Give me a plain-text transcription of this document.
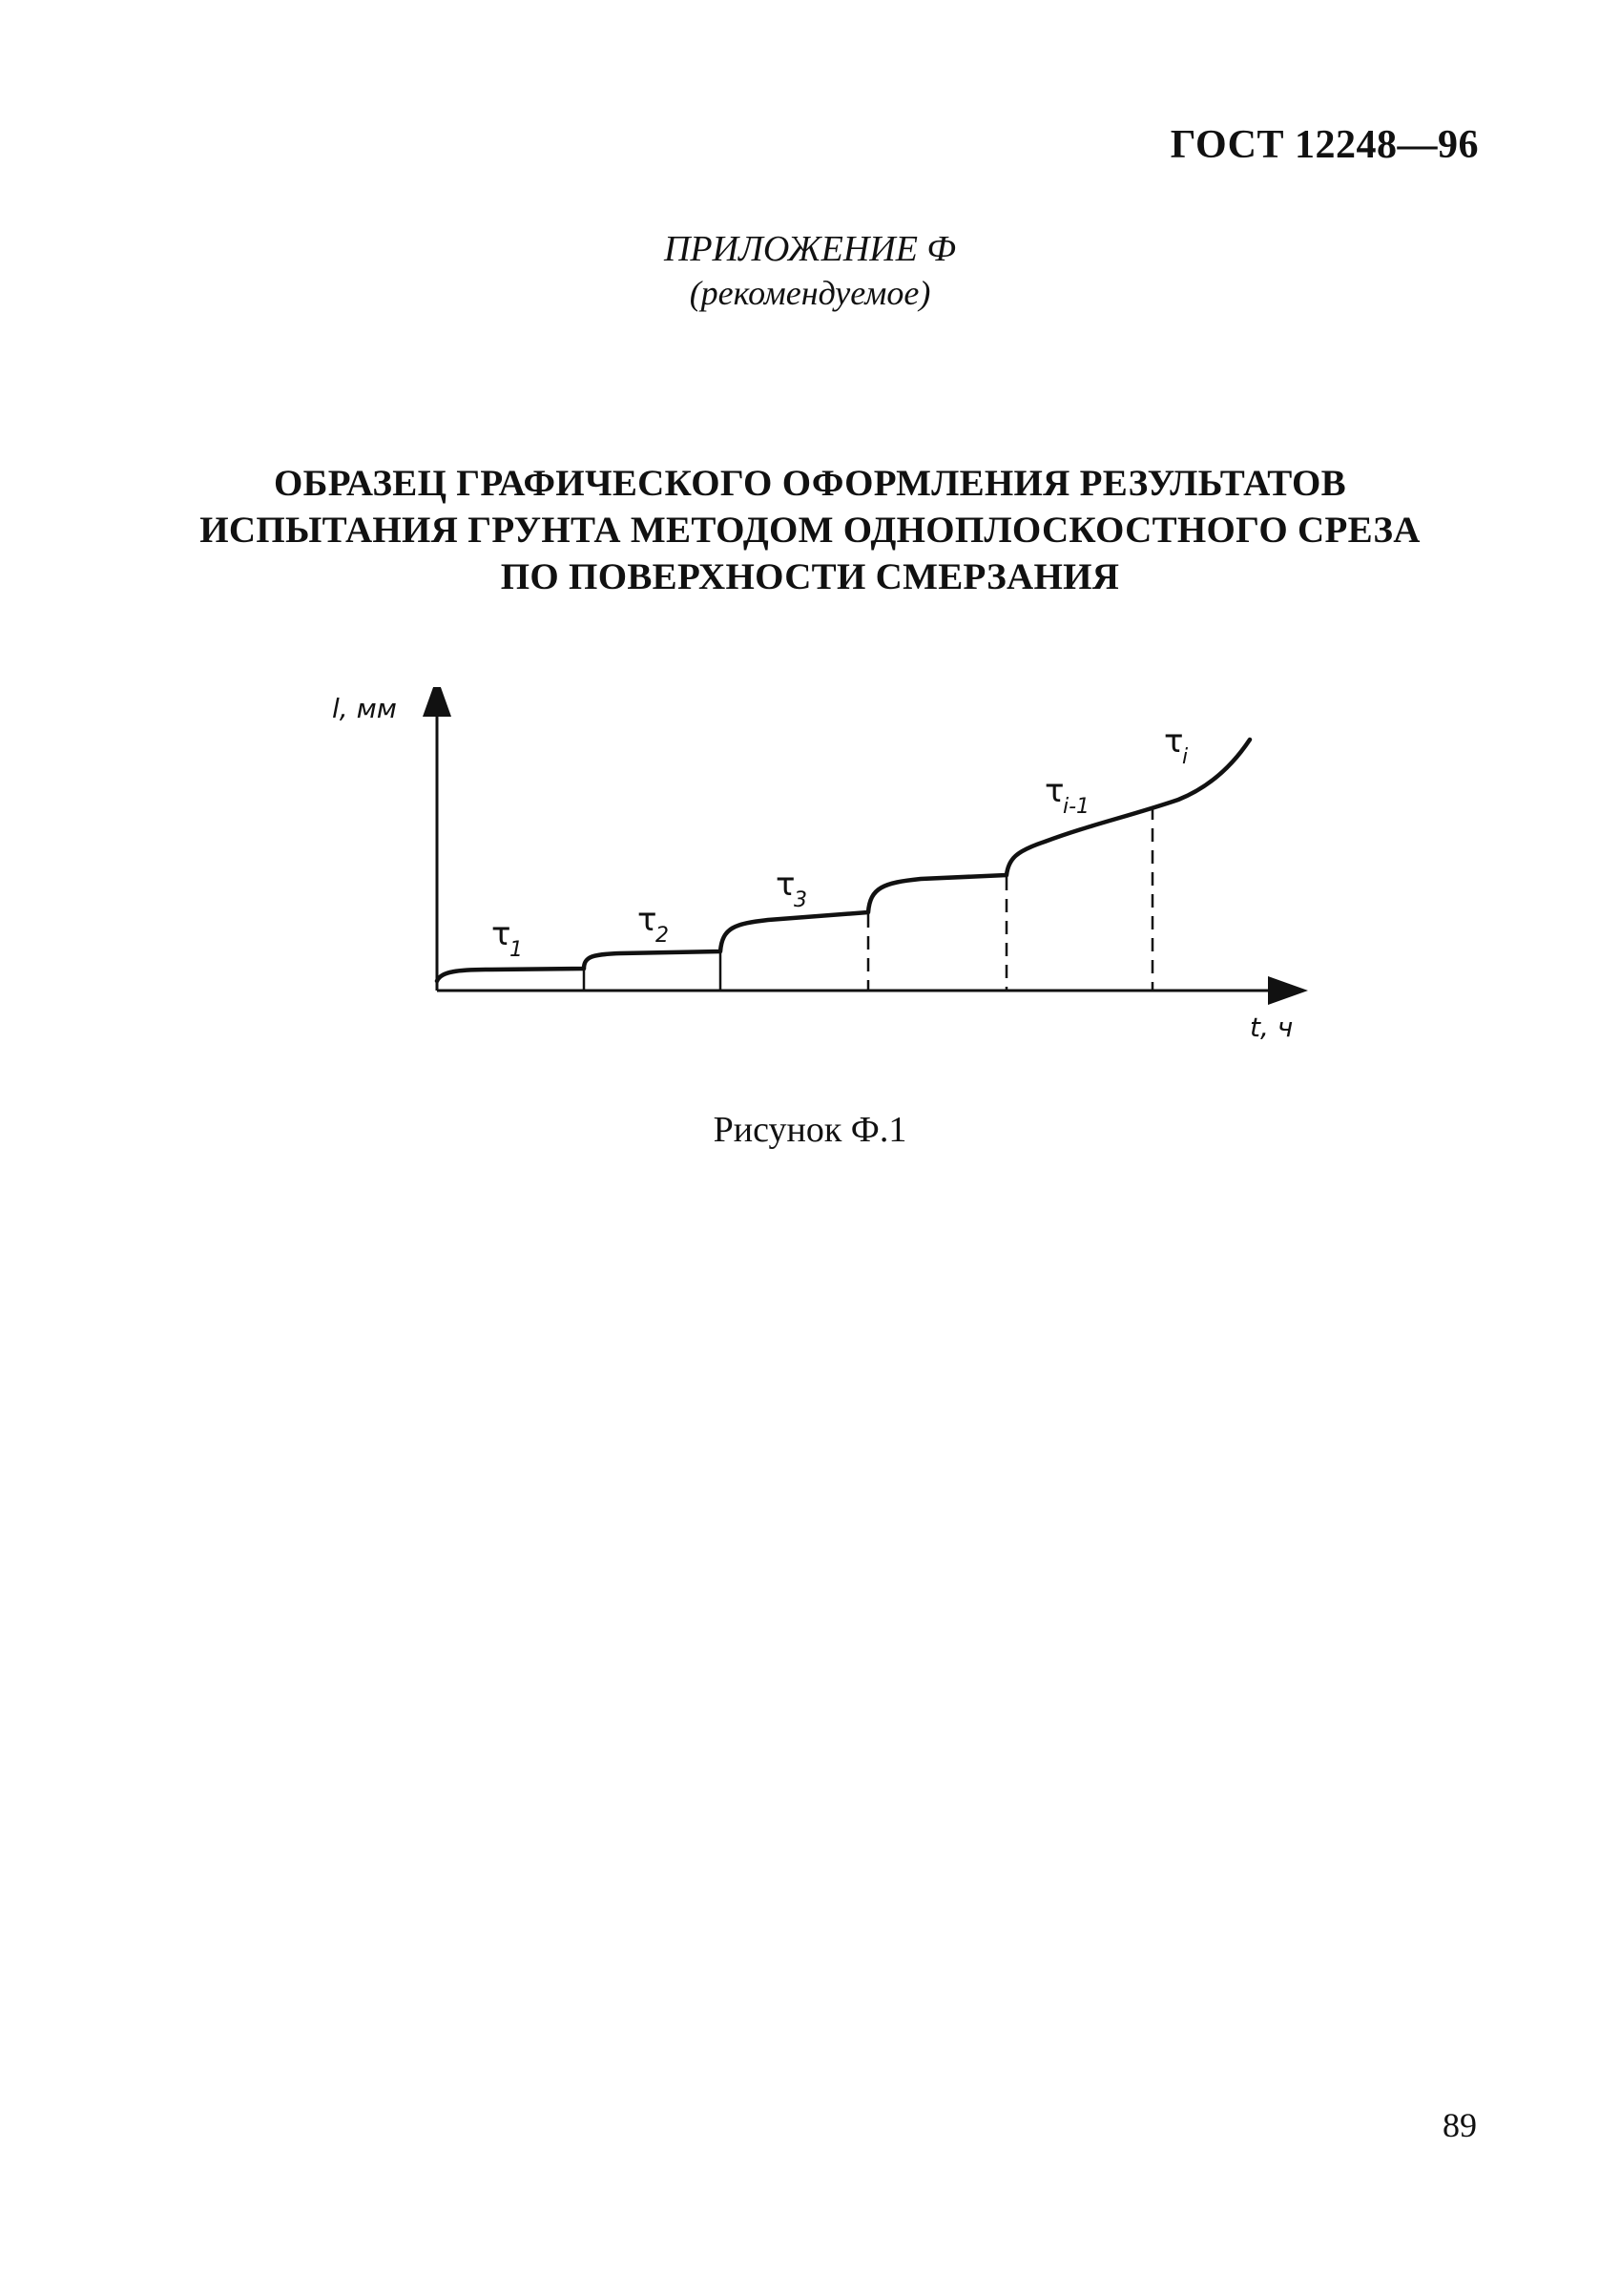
ГОСТ 12248—96
ПРИЛОЖЕНИЕ Ф
(рекомендуемое)
ОБРАЗЕЦ ГРАФИЧЕСКОГО ОФОРМЛЕНИЯ РЕЗУЛЬТАТОВ
ИСПЫТАНИЯ ГРУНТА МЕТОДОМ ОДНОПЛОСКОСТНОГО СРЕЗА
ПО ПОВЕРХНОСТИ СМЕРЗАНИЯ
l, мм
t, ч
τ
1
τ
2
τ
3
τ
i-1
τ
i
Рисунок Ф.1
89
